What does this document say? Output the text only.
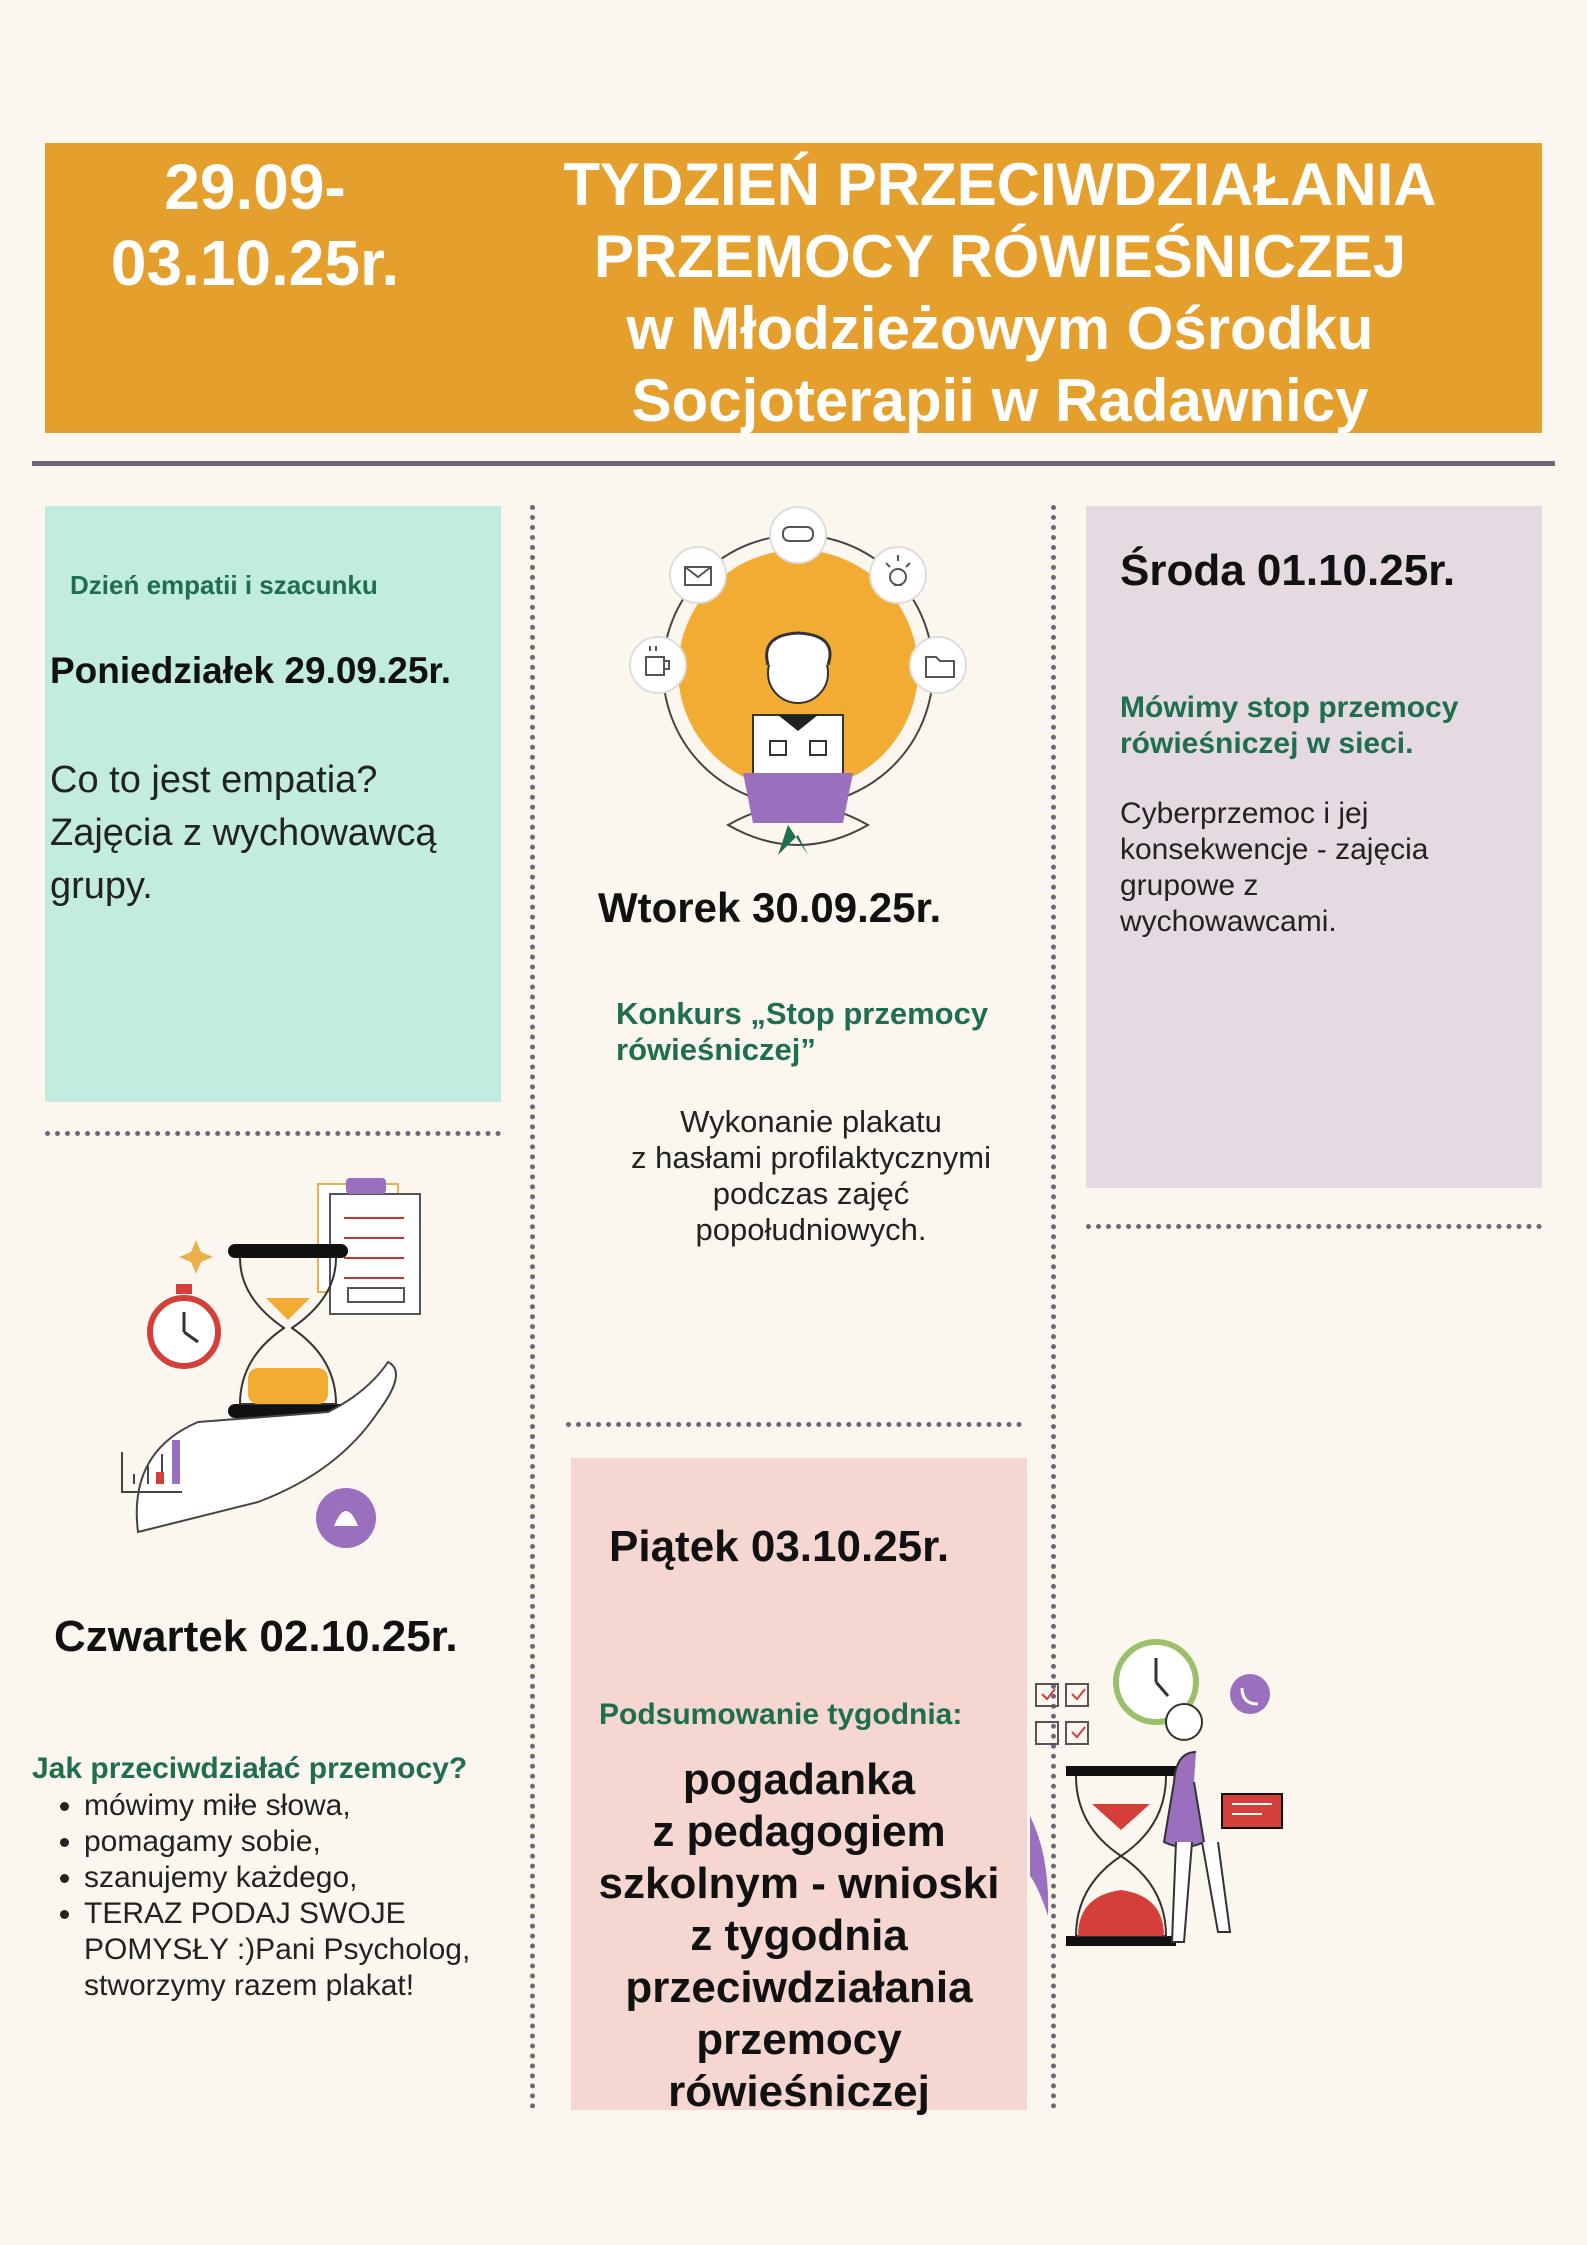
29.09-
03.10.25r.
TYDZIEŃ PRZECIWDZIAŁANIA
PRZEMOCY RÓWIEŚNICZEJ
w Młodzieżowym Ośrodku
Socjoterapii w Radawnicy
Dzień empatii i szacunku
Poniedziałek 29.09.25r.
Co to jest empatia?
Zajęcia z wychowawcą
grupy.	Wtorek 30.09.25r.
Konkurs „Stop przemocy
rówieśniczej”
Wykonanie plakatu
z hasłami profilaktycznymi
podczas zajęć
popołudniowych.
Środa 01.10.25r.
Mówimy stop przemocy
rówieśniczej w sieci.
Cyberprzemoc i jej
konsekwencje - zajęcia
grupowe z
wychowawcami.
Czwartek 02.10.25r.
Jak przeciwdziałać przemocy?
• mówimy miłe słowa,
• pomagamy sobie,
• szanujemy każdego,
• TERAZ PODAJ SWOJE POMYSŁY :)Pani Psycholog, stworzymy razem plakat!
Piątek 03.10.25r.
Podsumowanie tygodnia:
pogadanka
z pedagogiem
szkolnym - wnioski
z tygodnia
przeciwdziałania
przemocy
rówieśniczej
